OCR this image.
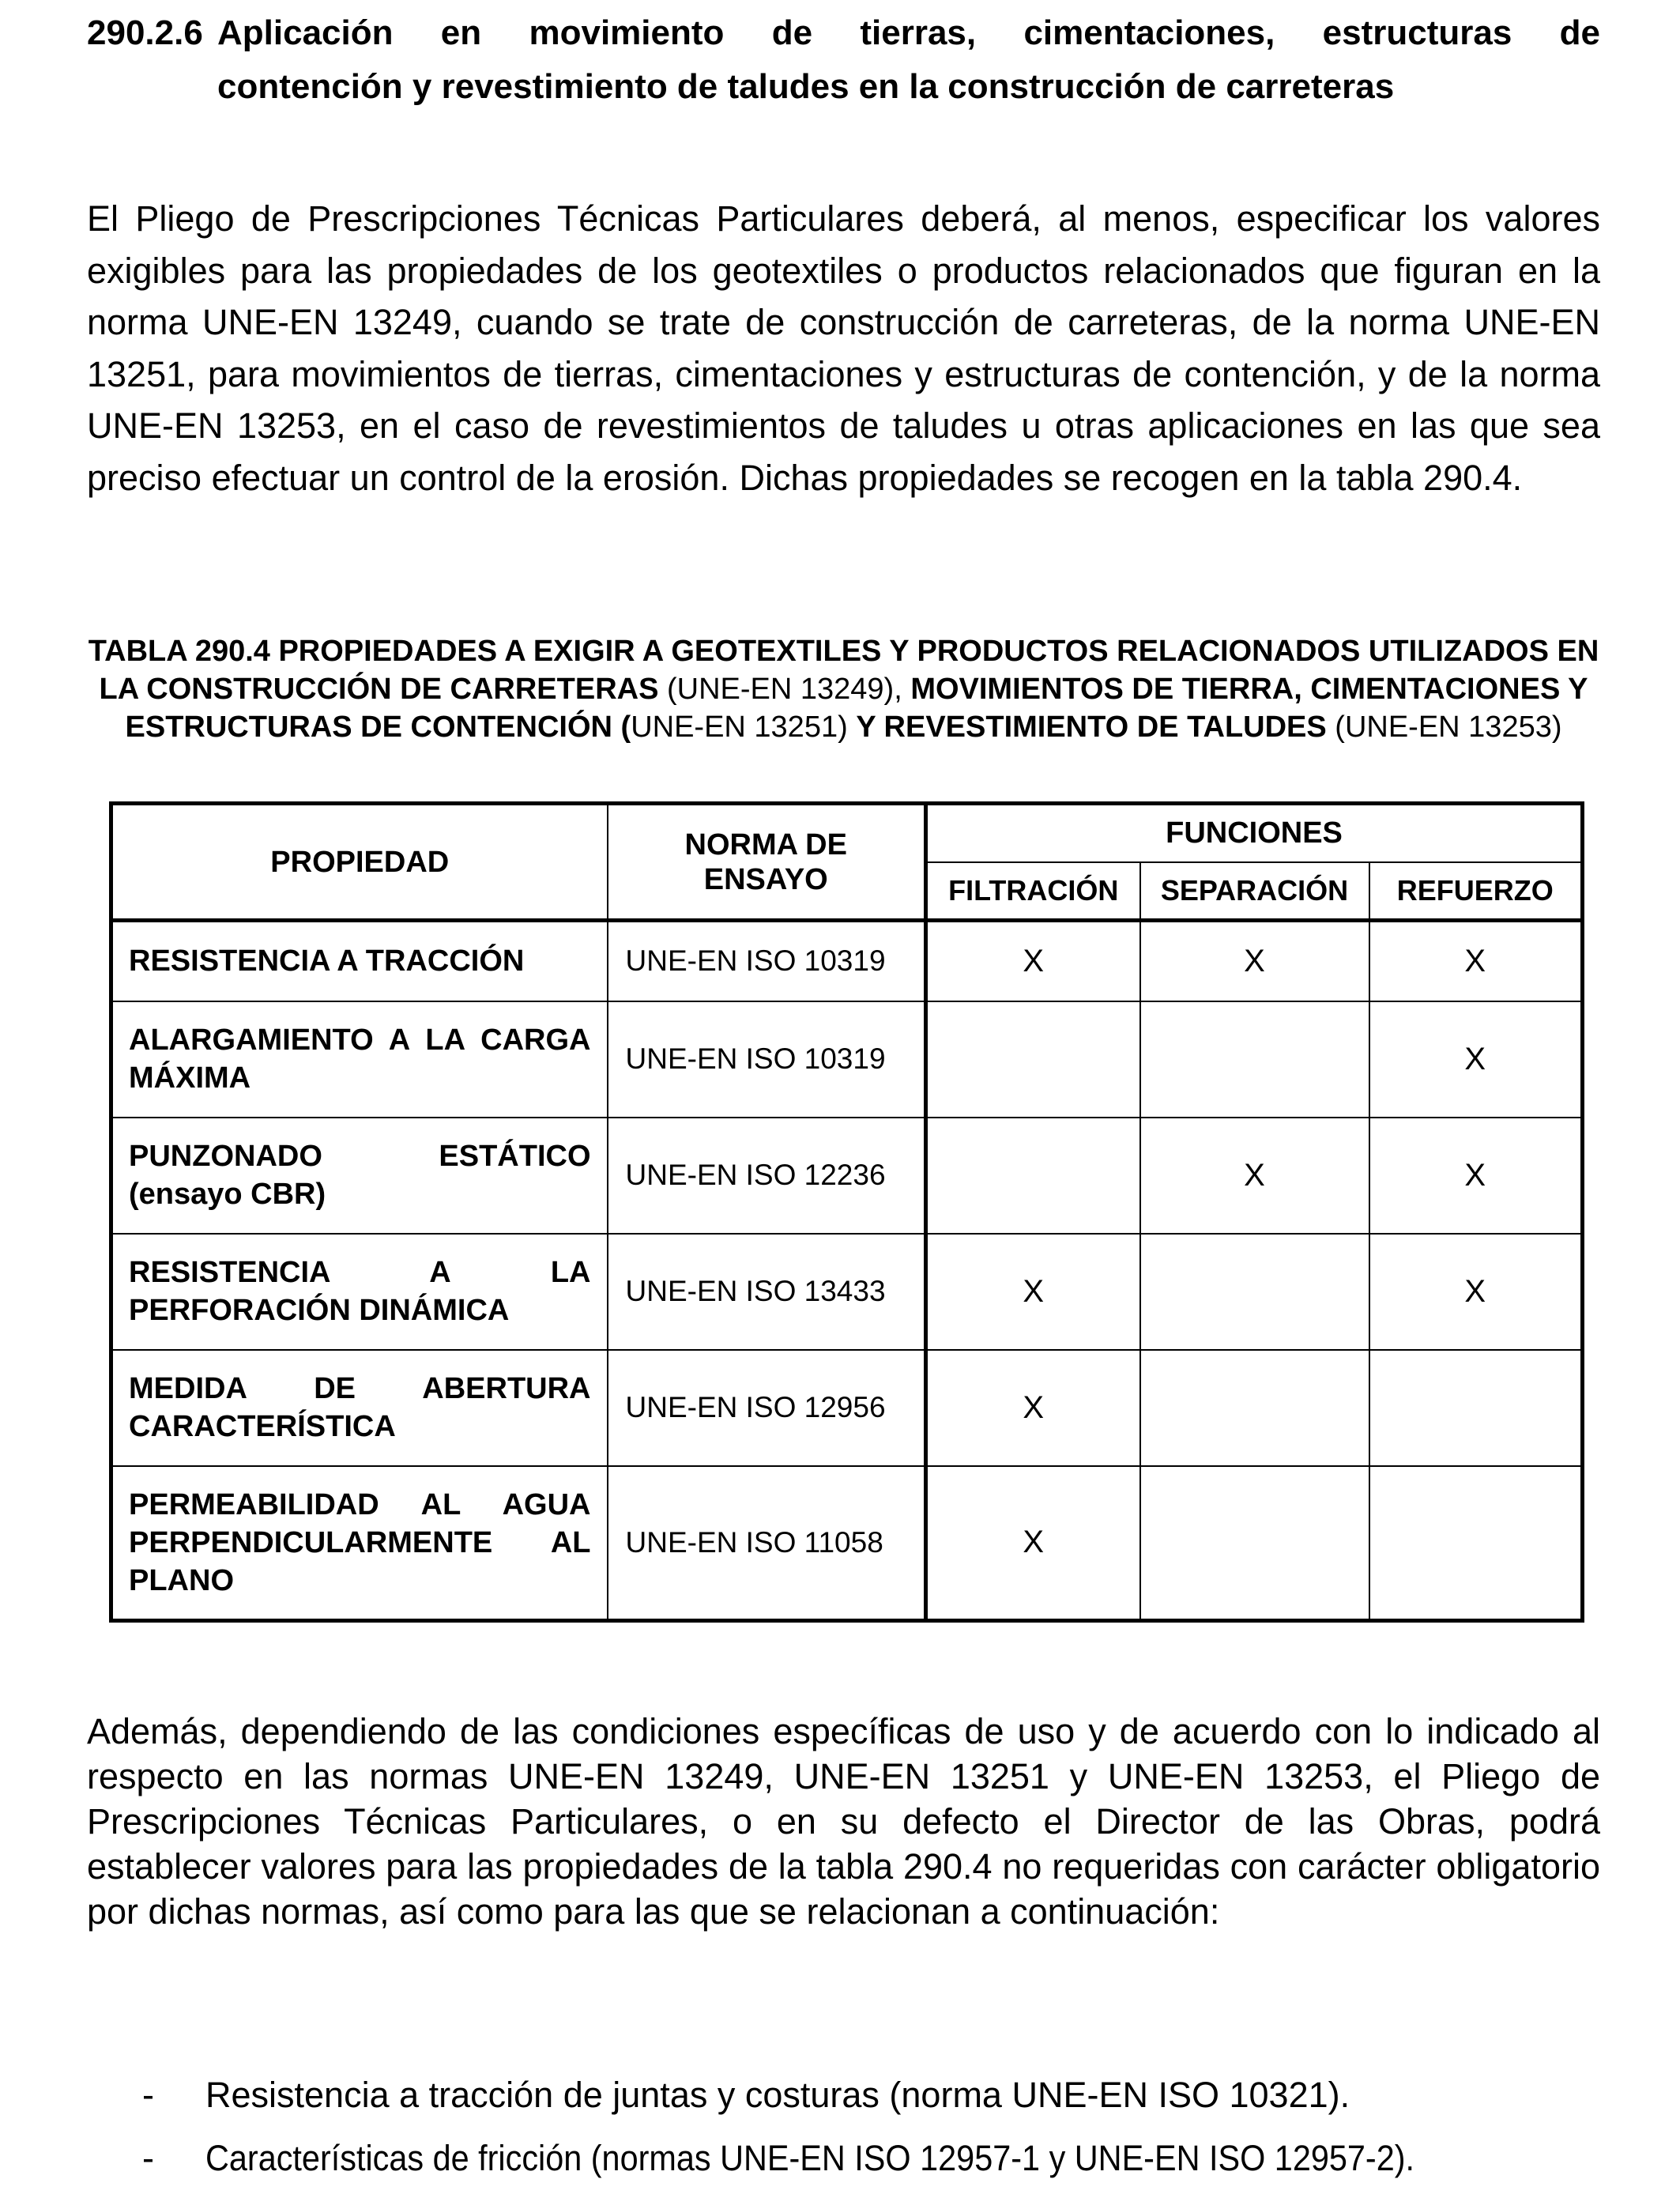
290.2.6 Aplicación en movimiento de tierras, cimentaciones, estructuras de
contención y revestimiento de taludes en la construcción de carreteras

El Pliego de Prescripciones Técnicas Particulares deberá, al menos, especificar los valores exigibles para las propiedades de los geotextiles o productos relacionados que figuran en la norma UNE-EN 13249, cuando se trate de construcción de carreteras, de la norma UNE-EN 13251, para movimientos de tierras, cimentaciones y estructuras de contención, y de la norma UNE-EN 13253, en el caso de revestimientos de taludes u otras aplicaciones en las que sea preciso efectuar un control de la erosión. Dichas propiedades se recogen en la tabla 290.4.

TABLA 290.4 PROPIEDADES A EXIGIR A GEOTEXTILES Y PRODUCTOS RELACIONADOS UTILIZADOS EN LA CONSTRUCCIÓN DE CARRETERAS (UNE-EN 13249), MOVIMIENTOS DE TIERRA, CIMENTACIONES Y ESTRUCTURAS DE CONTENCIÓN (UNE-EN 13251) Y REVESTIMIENTO DE TALUDES (UNE-EN 13253)
PROPIEDAD	NORMA DE ENSAYO	FUNCIONES		
		FILTRACIÓN	SEPARACIÓN	REFUERZO
RESISTENCIA A TRACCIÓN	UNE-EN ISO 10319	X	X	X
ALARGAMIENTO A LA CARGA MÁXIMA	UNE-EN ISO 10319			X
PUNZONADO ESTÁTICO (ensayo CBR)	UNE-EN ISO 12236		X	X
RESISTENCIA A LA PERFORACIÓN DINÁMICA	UNE-EN ISO 13433	X		X
MEDIDA DE ABERTURA CARACTERÍSTICA	UNE-EN ISO 12956	X		
PERMEABILIDAD AL AGUA PERPENDICULARMENTE AL PLANO	UNE-EN ISO 11058	X		

Además, dependiendo de las condiciones específicas de uso y de acuerdo con lo indicado al respecto en las normas UNE-EN 13249, UNE-EN 13251 y UNE-EN 13253, el Pliego de Prescripciones Técnicas Particulares, o en su defecto el Director de las Obras, podrá establecer valores para las propiedades de la tabla 290.4 no requeridas con carácter obligatorio por dichas normas, así como para las que se relacionan a continuación:

-	Resistencia a tracción de juntas y costuras (norma UNE-EN ISO 10321).
-	Características de fricción (normas UNE-EN ISO 12957-1 y UNE-EN ISO 12957-2).
